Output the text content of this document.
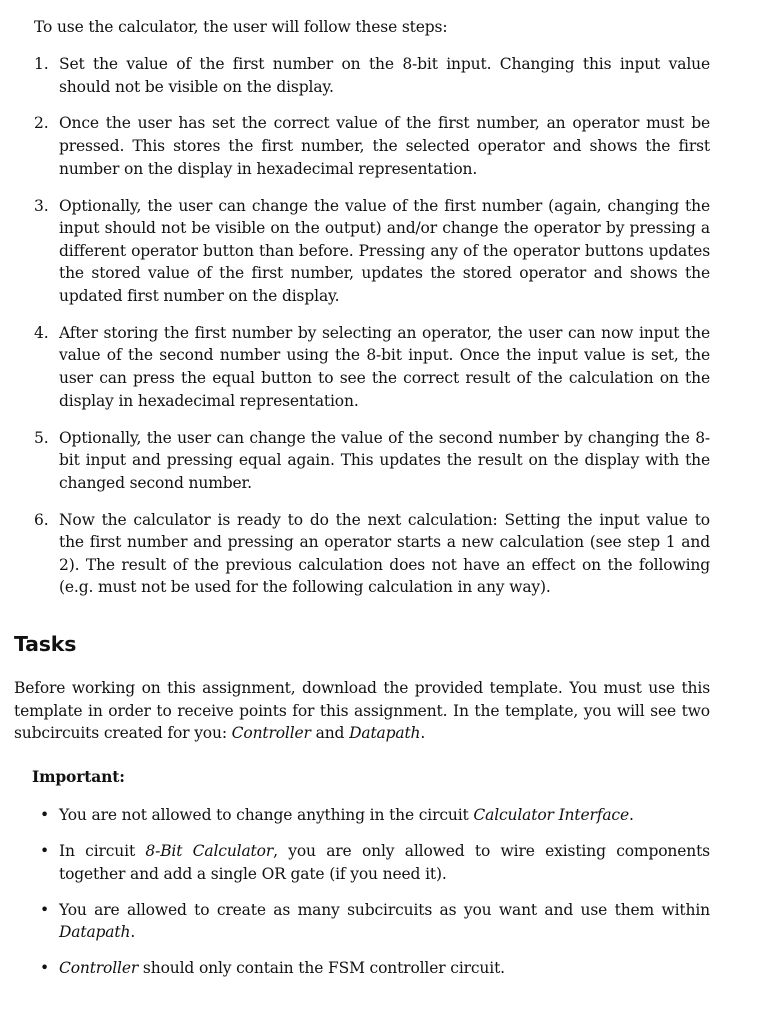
To use the calculator, the user will follow these steps:

1. Set the value of the first number on the 8-bit input. Changing this input value should not be visible on the display.
2. Once the user has set the correct value of the first number, an operator must be pressed. This stores the first number, the selected operator and shows the first number on the display in hexadecimal representation.
3. Optionally, the user can change the value of the first number (again, changing the input should not be visible on the output) and/or change the operator by pressing a different operator button than before. Pressing any of the operator buttons updates the stored value of the first number, updates the stored operator and shows the updated first number on the display.
4. After storing the first number by selecting an operator, the user can now input the value of the second number using the 8-bit input. Once the input value is set, the user can press the equal button to see the correct result of the calculation on the display in hexadecimal representation.
5. Optionally, the user can change the value of the second number by changing the 8-bit input and pressing equal again. This updates the result on the display with the changed second number.
6. Now the calculator is ready to do the next calculation: Setting the input value to the first number and pressing an operator starts a new calculation (see step 1 and 2). The result of the previous calculation does not have an effect on the following (e.g. must not be used for the following calculation in any way).
Tasks

Before working on this assignment, download the provided template. You must use this template in order to receive points for this assignment. In the template, you will see two subcircuits created for you: Controller and Datapath.

Important:

• You are not allowed to change anything in the circuit Calculator Interface.
• In circuit 8-Bit Calculator, you are only allowed to wire existing components together and add a single OR gate (if you need it).
• You are allowed to create as many subcircuits as you want and use them within Datapath.
• Controller should only contain the FSM controller circuit.
